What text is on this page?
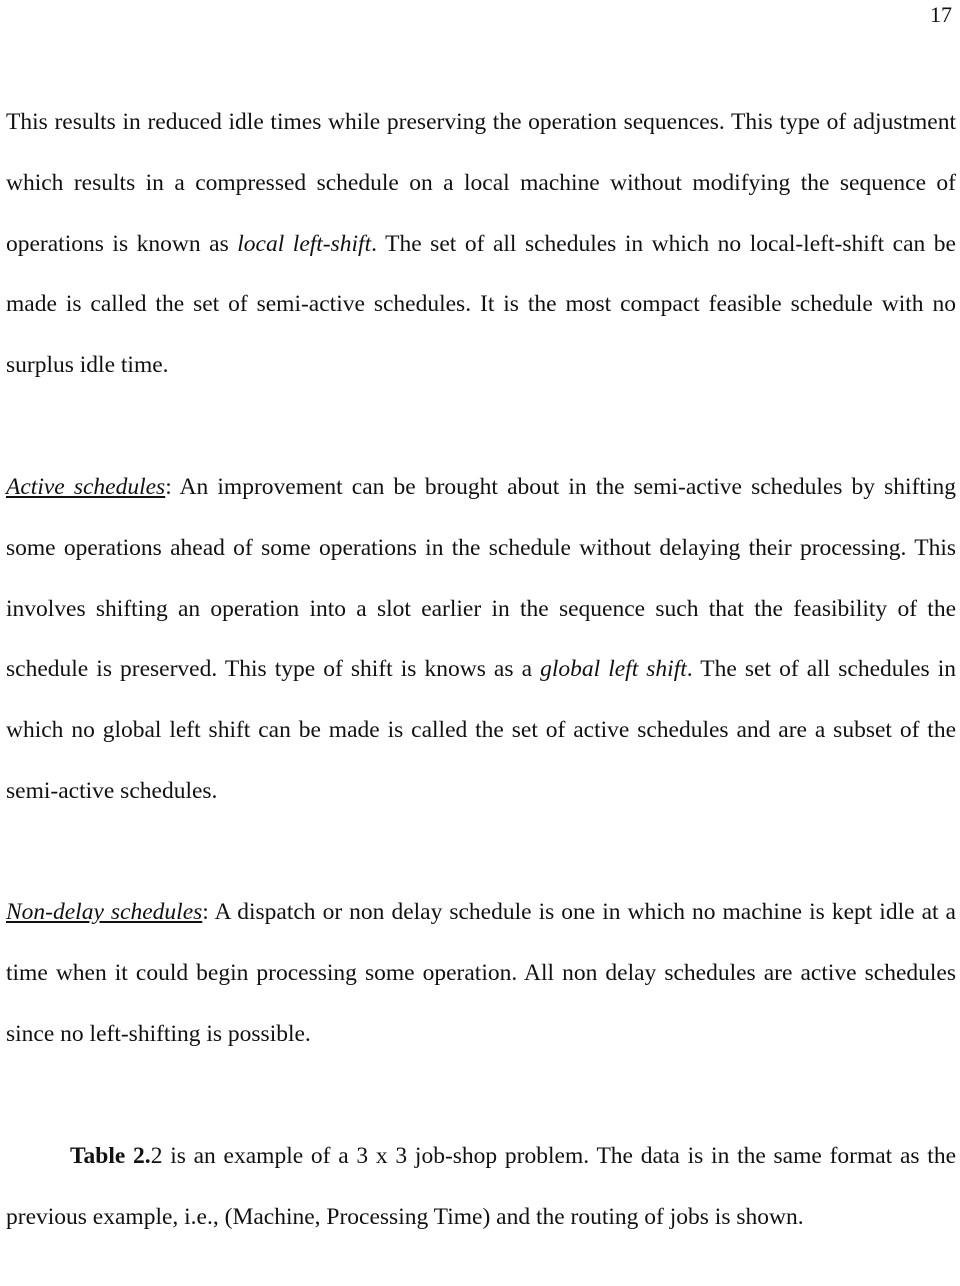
17

This results in reduced idle times while preserving the operation sequences. This type of adjustment which results in a compressed schedule on a local machine without modifying the sequence of operations is known as local left-shift. The set of all schedules in which no local-left-shift can be made is called the set of semi-active schedules. It is the most compact feasible schedule with no surplus idle time.

Active schedules: An improvement can be brought about in the semi-active schedules by shifting some operations ahead of some operations in the schedule without delaying their processing. This involves shifting an operation into a slot earlier in the sequence such that the feasibility of the schedule is preserved. This type of shift is knows as a global left shift. The set of all schedules in which no global left shift can be made is called the set of active schedules and are a subset of the semi-active schedules.

Non-delay schedules: A dispatch or non delay schedule is one in which no machine is kept idle at a time when it could begin processing some operation. All non delay schedules are active schedules since no left-shifting is possible.

Table 2.2 is an example of a 3 x 3 job-shop problem. The data is in the same format as the previous example, i.e., (Machine, Processing Time) and the routing of jobs is shown.
